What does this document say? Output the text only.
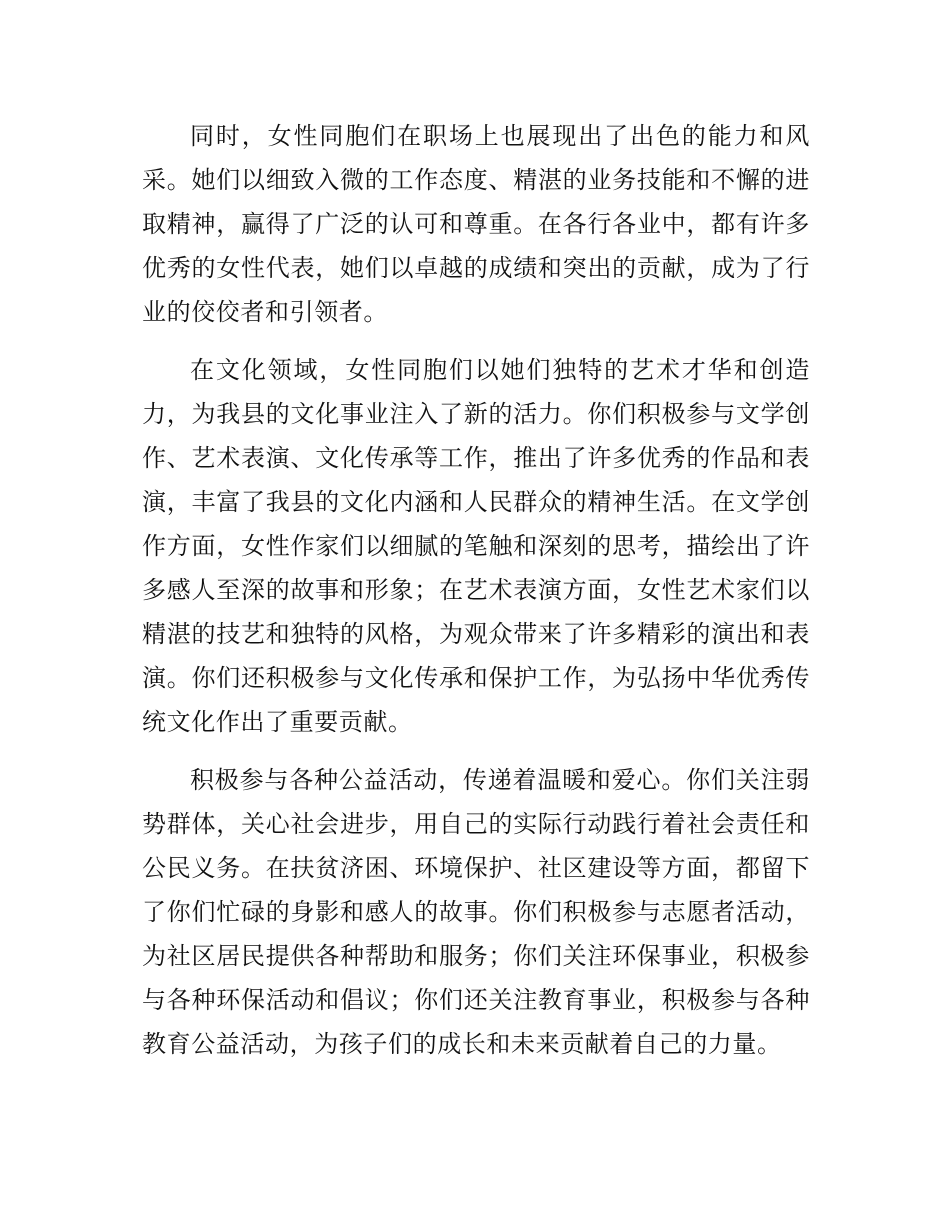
同时，女性同胞们在职场上也展现出了出色的能力和风采。她们以细致入微的工作态度、精湛的业务技能和不懈的进取精神，赢得了广泛的认可和尊重。在各行各业中，都有许多优秀的女性代表，她们以卓越的成绩和突出的贡献，成为了行业的佼佼者和引领者。

在文化领域，女性同胞们以她们独特的艺术才华和创造力，为我县的文化事业注入了新的活力。你们积极参与文学创作、艺术表演、文化传承等工作，推出了许多优秀的作品和表演，丰富了我县的文化内涵和人民群众的精神生活。在文学创作方面，女性作家们以细腻的笔触和深刻的思考，描绘出了许多感人至深的故事和形象；在艺术表演方面，女性艺术家们以精湛的技艺和独特的风格，为观众带来了许多精彩的演出和表演。你们还积极参与文化传承和保护工作，为弘扬中华优秀传统文化作出了重要贡献。

积极参与各种公益活动，传递着温暖和爱心。你们关注弱势群体，关心社会进步，用自己的实际行动践行着社会责任和公民义务。在扶贫济困、环境保护、社区建设等方面，都留下了你们忙碌的身影和感人的故事。你们积极参与志愿者活动，为社区居民提供各种帮助和服务；你们关注环保事业，积极参与各种环保活动和倡议；你们还关注教育事业，积极参与各种教育公益活动，为孩子们的成长和未来贡献着自己的力量。
